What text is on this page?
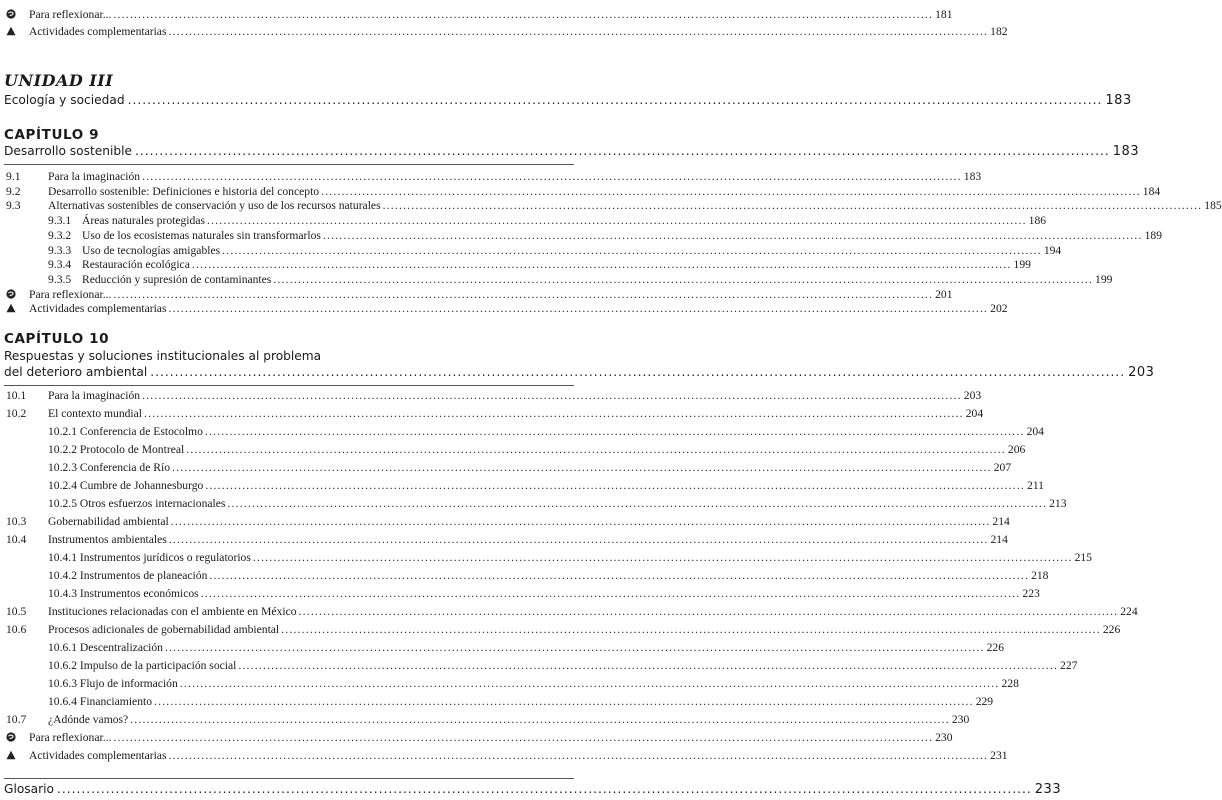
Para reflexionar... ........................................................................................................................................................................................................ 181
Actividades complementarias ........................................................................................................................................................................................................ 182
UNIDAD III
Ecología y sociedad ........................................................................................................................................................................................................ 183
CAPÍTULO 9
Desarrollo sostenible ........................................................................................................................................................................................................ 183
9.1	Para la imaginación ........................................................................................................................................................................................................ 183
9.2	Desarrollo sostenible: Definiciones e historia del concepto ........................................................................................................................................................................................................ 184
9.3	Alternativas sostenibles de conservación y uso de los recursos naturales ........................................................................................................................................................................................................ 185
9.3.1 Áreas naturales protegidas ........................................................................................................................................................................................................ 186
9.3.2 Uso de los ecosistemas naturales sin transformarlos ........................................................................................................................................................................................................ 189
9.3.3 Uso de tecnologías amigables ........................................................................................................................................................................................................ 194
9.3.4 Restauración ecológica ........................................................................................................................................................................................................ 199
9.3.5 Reducción y supresión de contaminantes ........................................................................................................................................................................................................ 199
Para reflexionar... ........................................................................................................................................................................................................ 201
Actividades complementarias ........................................................................................................................................................................................................ 202
CAPÍTULO 10
Respuestas y soluciones institucionales al problema
del deterioro ambiental ........................................................................................................................................................................................................ 203
10.1	Para la imaginación ........................................................................................................................................................................................................ 203
10.2	El contexto mundial ........................................................................................................................................................................................................ 204
10.2.1 Conferencia de Estocolmo ........................................................................................................................................................................................................ 204
10.2.2 Protocolo de Montreal ........................................................................................................................................................................................................ 206
10.2.3 Conferencia de Río ........................................................................................................................................................................................................ 207
10.2.4 Cumbre de Johannesburgo ........................................................................................................................................................................................................ 211
10.2.5 Otros esfuerzos internacionales ........................................................................................................................................................................................................ 213
10.3	Gobernabilidad ambiental ........................................................................................................................................................................................................ 214
10.4	Instrumentos ambientales ........................................................................................................................................................................................................ 214
10.4.1 Instrumentos jurídicos o regulatorios ........................................................................................................................................................................................................ 215
10.4.2 Instrumentos de planeación ........................................................................................................................................................................................................ 218
10.4.3 Instrumentos económicos ........................................................................................................................................................................................................ 223
10.5	Instituciones relacionadas con el ambiente en México ........................................................................................................................................................................................................ 224
10.6	Procesos adicionales de gobernabilidad ambiental ........................................................................................................................................................................................................ 226
10.6.1 Descentralización ........................................................................................................................................................................................................ 226
10.6.2 Impulso de la participación social ........................................................................................................................................................................................................ 227
10.6.3 Flujo de información ........................................................................................................................................................................................................ 228
10.6.4 Financiamiento ........................................................................................................................................................................................................ 229
10.7	¿Adónde vamos? ........................................................................................................................................................................................................ 230
Para reflexionar... ........................................................................................................................................................................................................ 230
Actividades complementarias ........................................................................................................................................................................................................ 231
Glosario ........................................................................................................................................................................................................ 233
